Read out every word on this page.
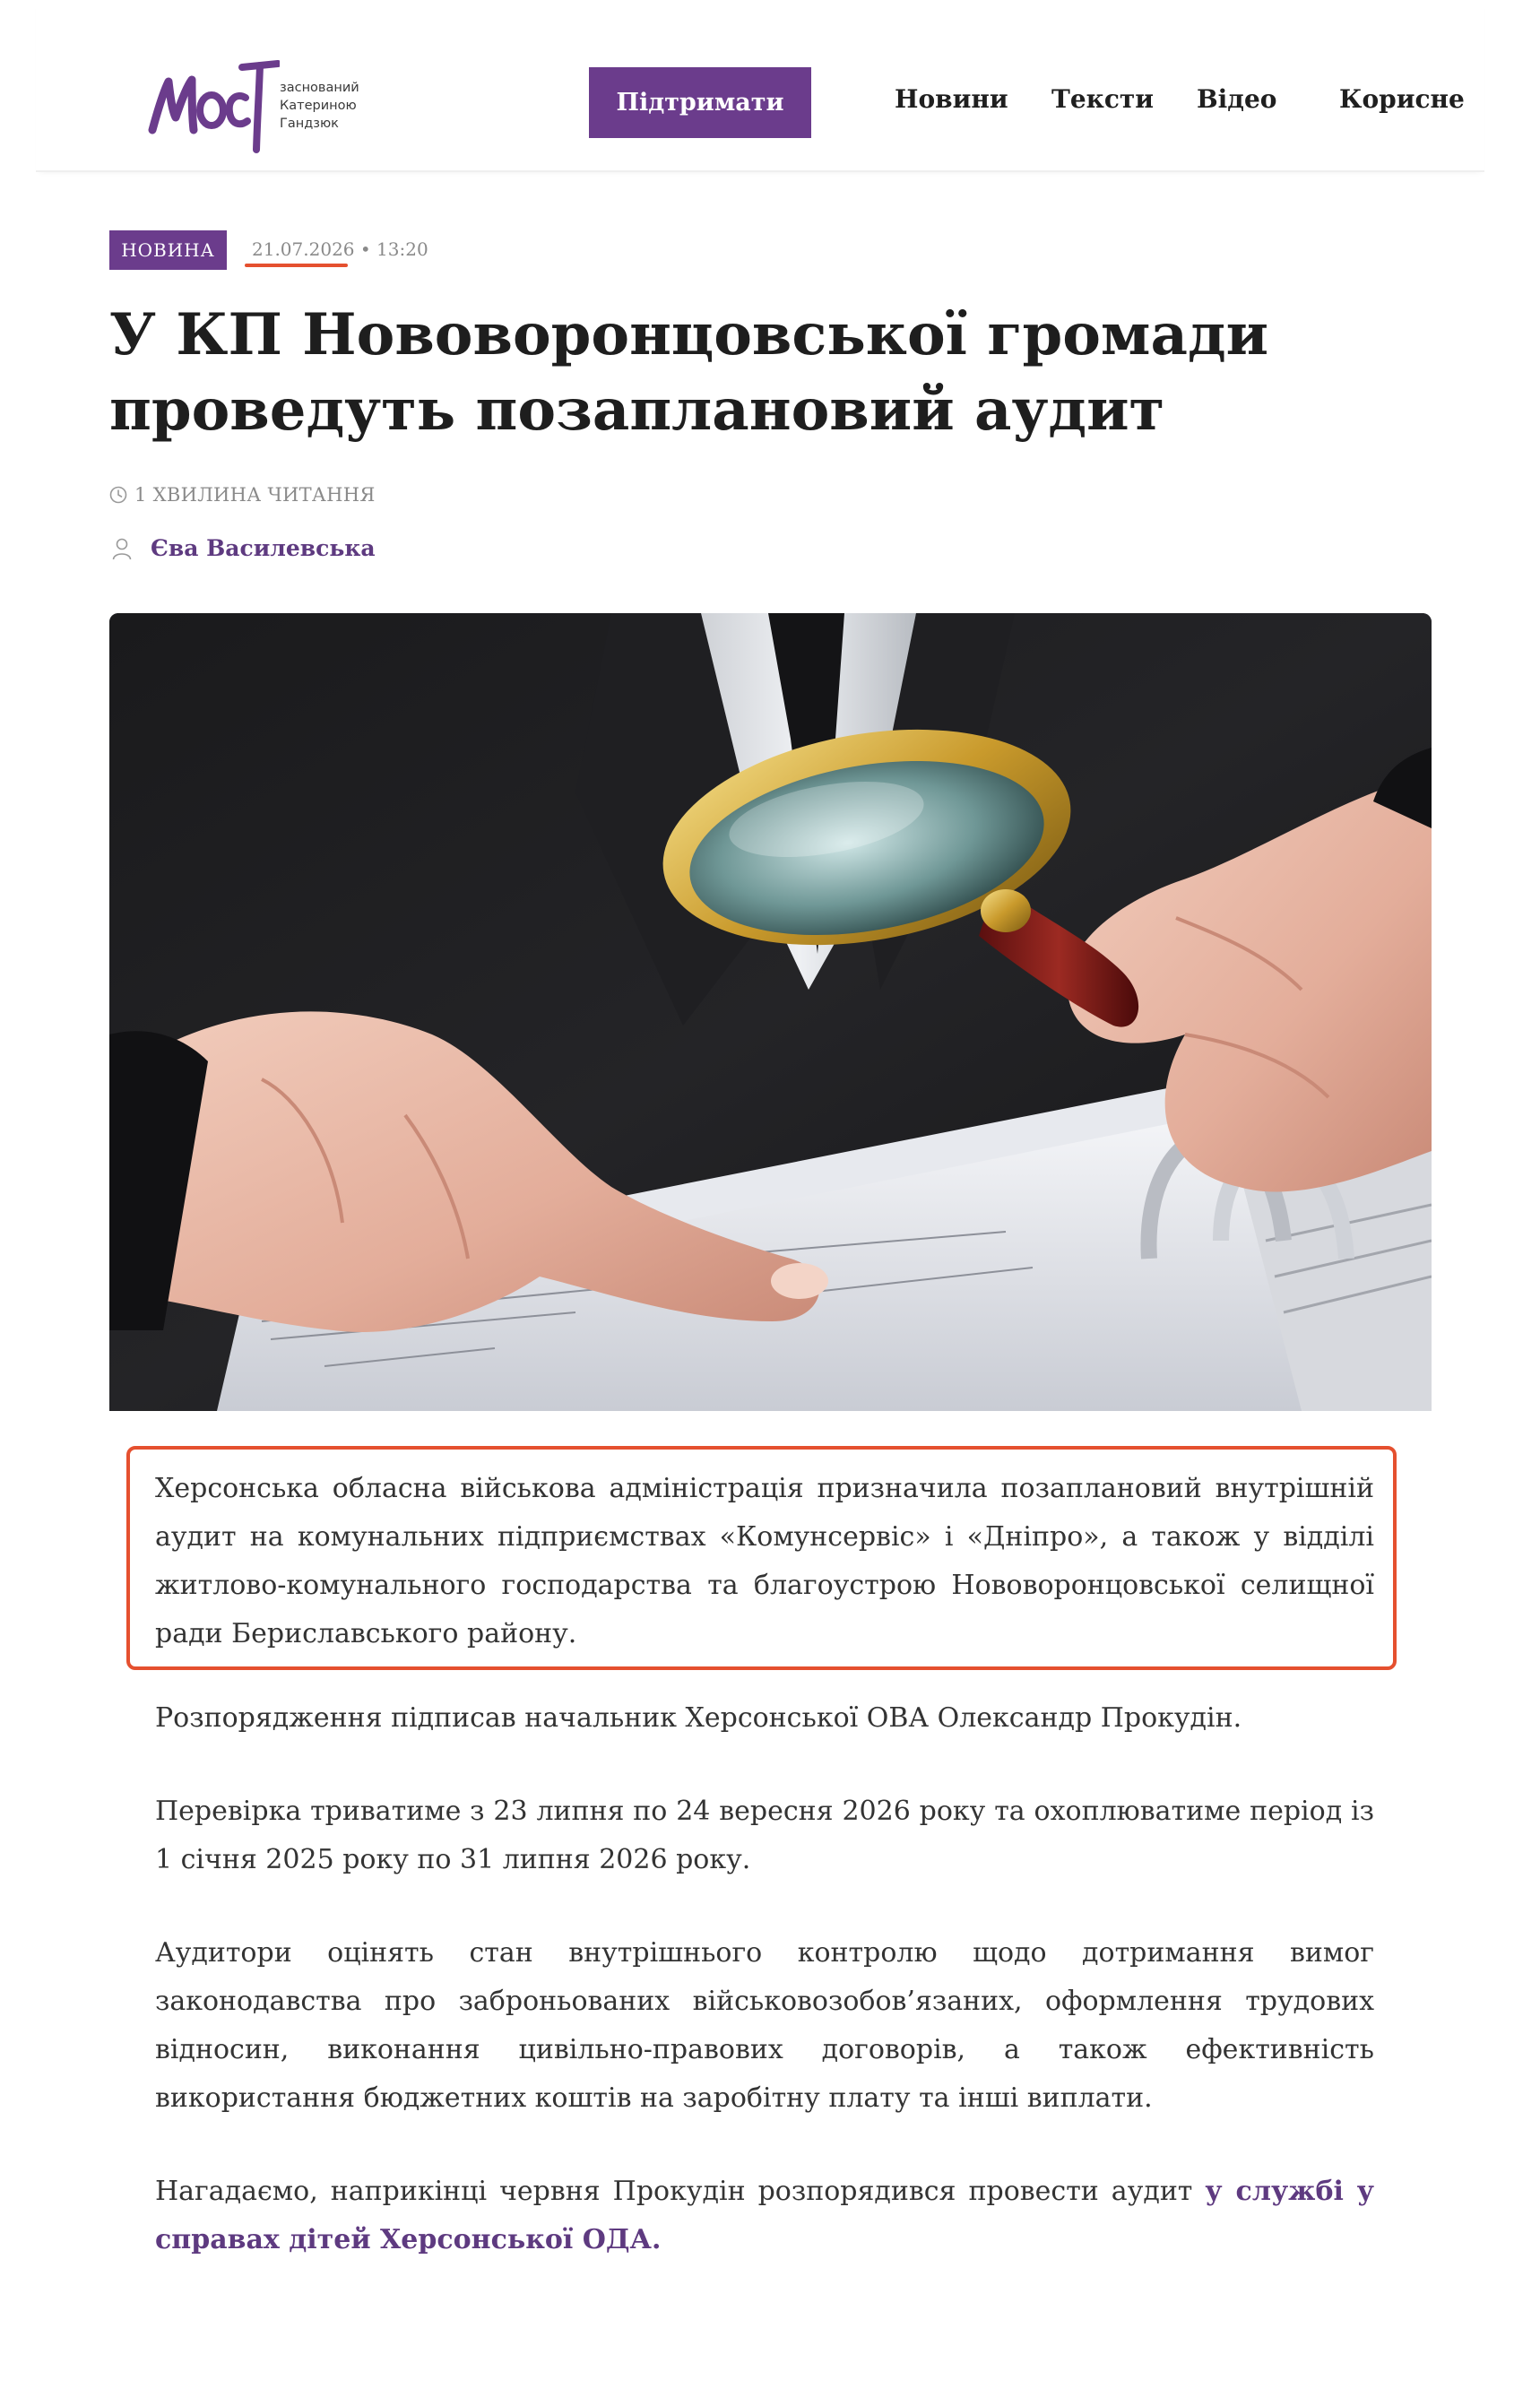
заснований
Катериною
Гандзюк
Підтримати	Новини Тексти Відео Корисне
НОВИНА	21.07.2026 • 13:20
У КП Нововоронцовської громади проведуть позаплановий аудит
1 ХВИЛИНА ЧИТАННЯ
Єва Василевська

Херсонська обласна військова адміністрація призначила позаплановий внутрішній аудит на комунальних підприємствах «Комунсервіс» і «Дніпро», а також у відділі житлово-комунального господарства та благоустрою Нововоронцовської селищної ради Бериславського району.

Розпорядження підписав начальник Херсонської ОВА Олександр Прокудін.

Перевірка триватиме з 23 липня по 24 вересня 2026 року та охоплюватиме період із 1 січня 2025 року по 31 липня 2026 року.

Аудитори оцінять стан внутрішнього контролю щодо дотримання вимог законодавства про заброньованих військовозобов’язаних, оформлення трудових відносин, виконання цивільно-правових договорів, а також ефективність використання бюджетних коштів на заробітну плату та інші виплати.

Нагадаємо, наприкінці червня Прокудін розпорядився провести аудит у службі у справах дітей Херсонської ОДА.
